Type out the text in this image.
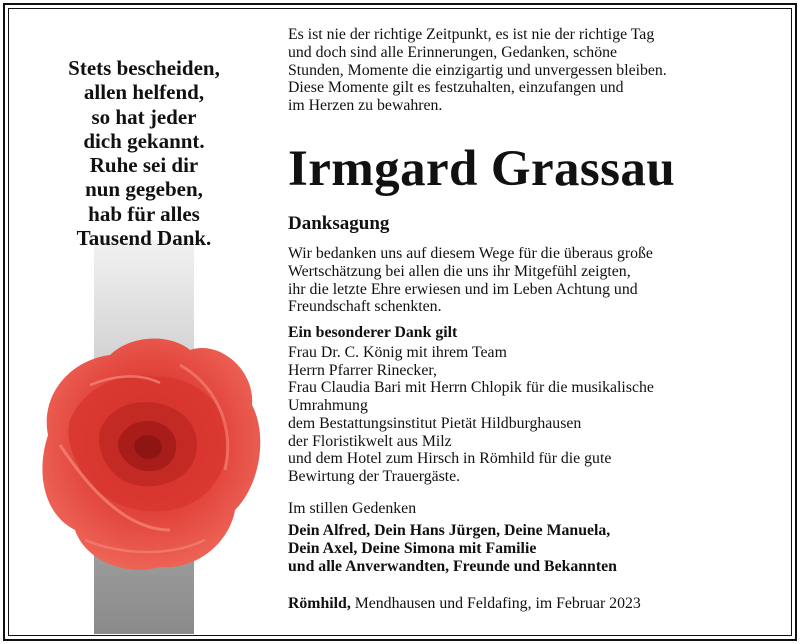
Stets bescheiden,
allen helfend,
so hat jeder
dich gekannt.
Ruhe sei dir
nun gegeben,
hab für alles
Tausend Dank.
Es ist nie der richtige Zeitpunkt, es ist nie der richtige Tag
und doch sind alle Erinnerungen, Gedanken, schöne
Stunden, Momente die einzigartig und unvergessen bleiben.
Diese Momente gilt es festzuhalten, einzufangen und
im Herzen zu bewahren.
Irmgard Grassau
Danksagung
Wir bedanken uns auf diesem Wege für die überaus große
Wertschätzung bei allen die uns ihr Mitgefühl zeigten,
ihr die letzte Ehre erwiesen und im Leben Achtung und
Freundschaft schenkten.
Ein besonderer Dank gilt
Frau Dr. C. König mit ihrem Team
Herrn Pfarrer Rinecker,
Frau Claudia Bari mit Herrn Chlopik für die musikalische
Umrahmung
dem Bestattungsinstitut Pietät Hildburghausen
der Floristikwelt aus Milz
und dem Hotel zum Hirsch in Römhild für die gute
Bewirtung der Trauergäste.
Im stillen Gedenken
Dein Alfred, Dein Hans Jürgen, Deine Manuela,
Dein Axel, Deine Simona mit Familie
und alle Anverwandten, Freunde und Bekannten
Römhild, Mendhausen und Feldafing, im Februar 2023
